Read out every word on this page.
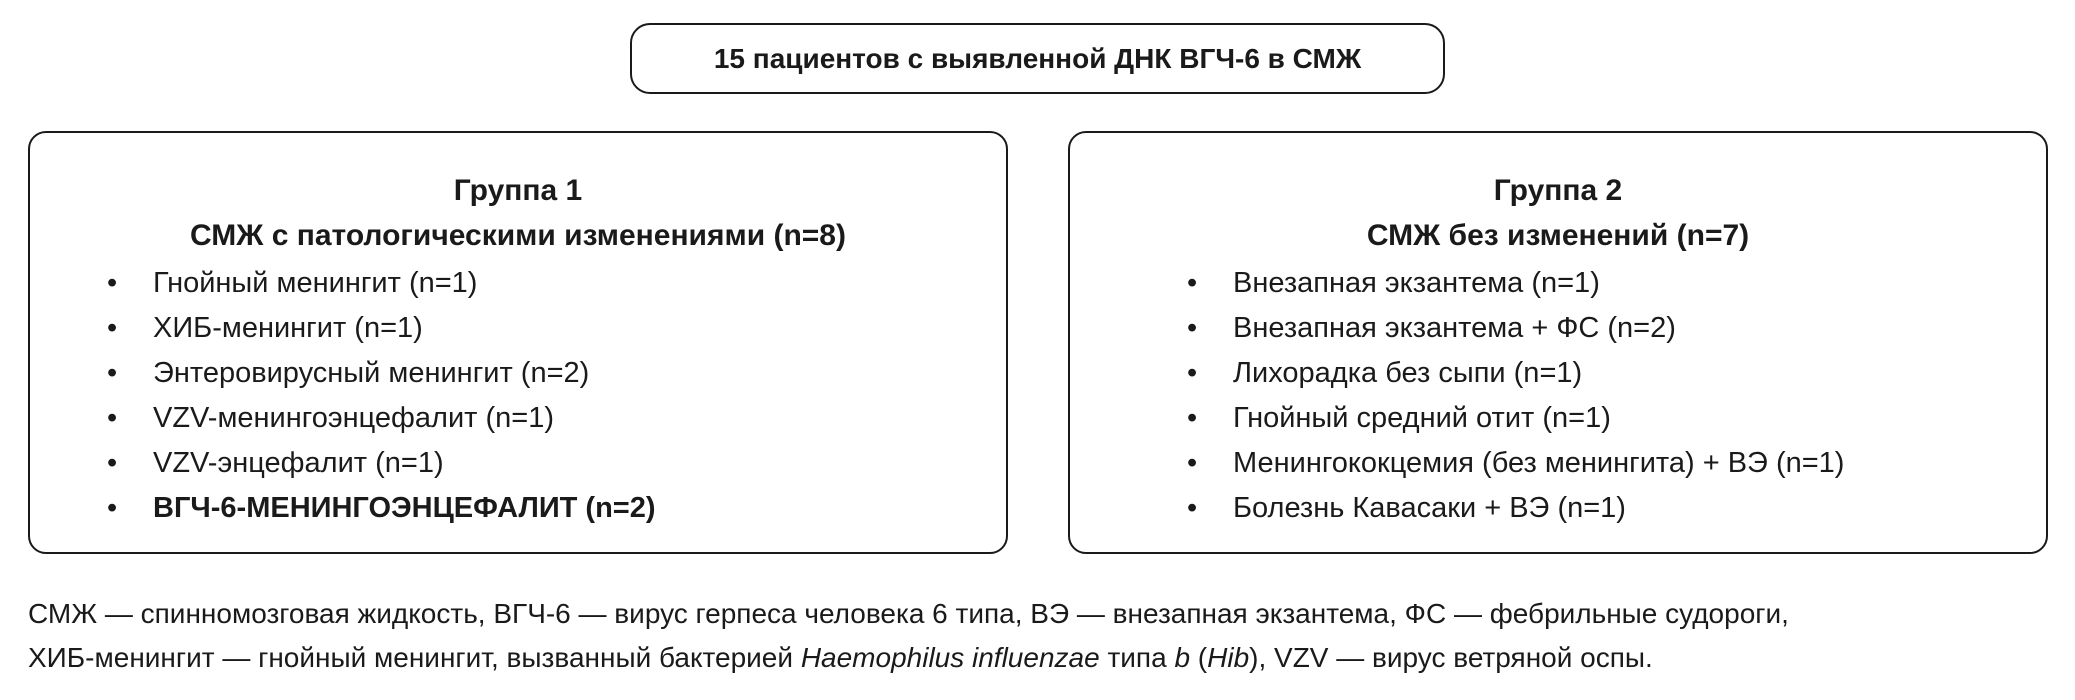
15 пациентов с выявленной ДНК ВГЧ-6 в СМЖ
Группа 1
СМЖ с патологическими изменениями (n=8)
• Гнойный менингит (n=1)
• ХИБ-менингит (n=1)
• Энтеровирусный менингит (n=2)
• VZV-менингоэнцефалит (n=1)
• VZV-энцефалит (n=1)
• ВГЧ-6-МЕНИНГОЭНЦЕФАЛИТ (n=2)
Группа 2
СМЖ без изменений (n=7)
• Внезапная экзантема (n=1)
• Внезапная экзантема + ФС (n=2)
• Лихорадка без сыпи (n=1)
• Гнойный средний отит (n=1)
• Менингококцемия (без менингита) + ВЭ (n=1)
• Болезнь Кавасаки + ВЭ (n=1)

СМЖ — спинномозговая жидкость, ВГЧ-6 — вирус герпеса человека 6 типа, ВЭ — внезапная экзантема, ФС — фебрильные судороги,

ХИБ-менингит — гнойный менингит, вызванный бактерией Haemophilus influenzae типа b (Hib), VZV — вирус ветряной оспы.
